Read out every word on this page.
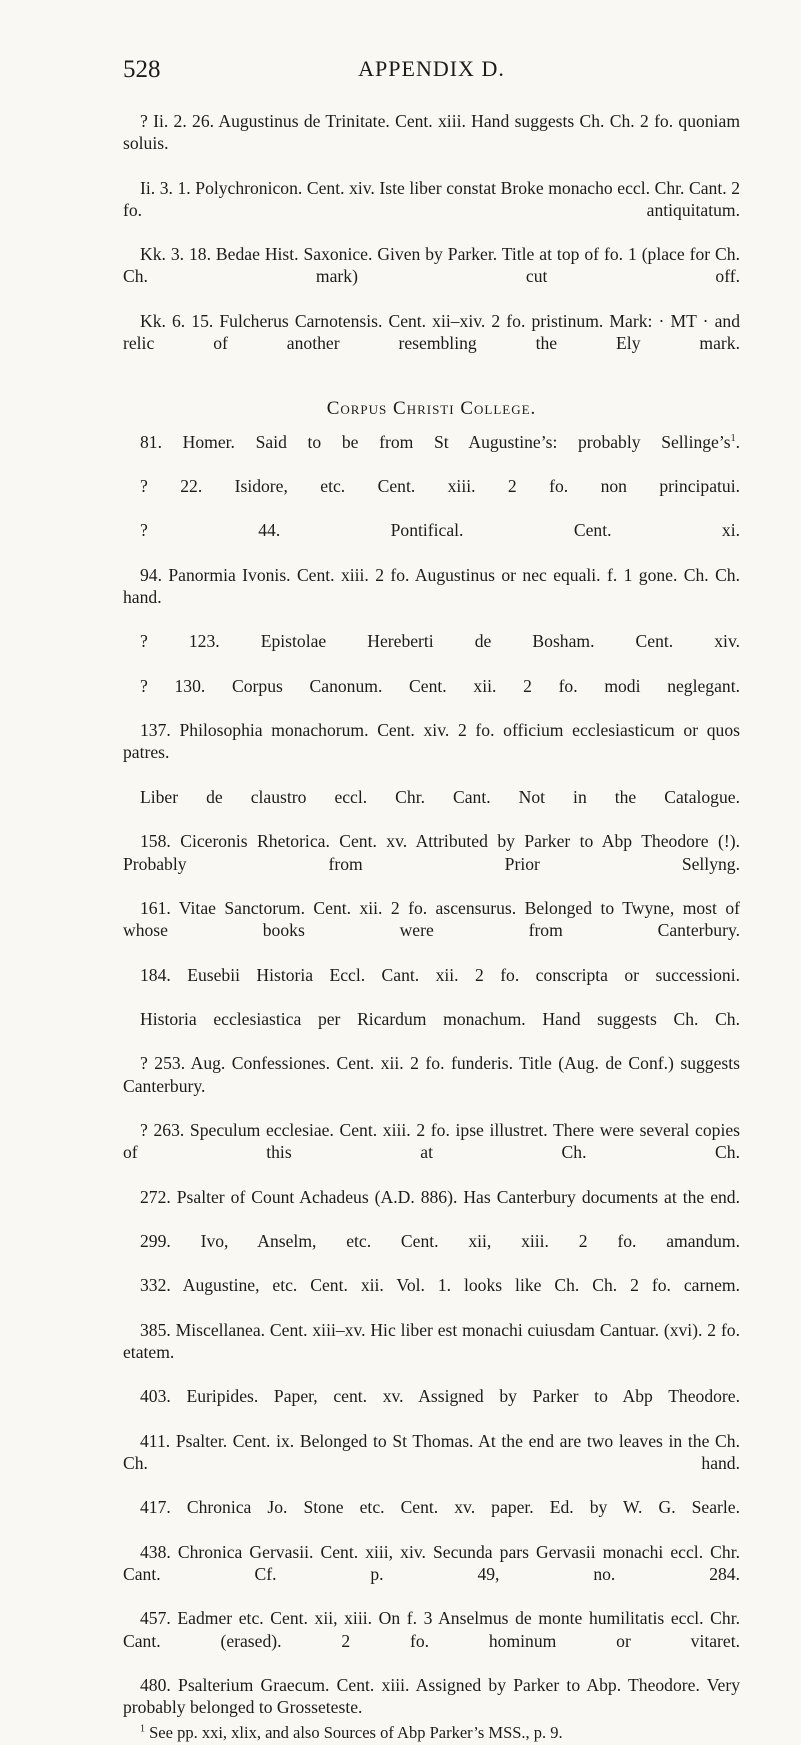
528	APPENDIX D.

? Ii. 2. 26. Augustinus de Trinitate. Cent. xiii. Hand suggests Ch. Ch. 2 fo. quoniam soluis.

Ii. 3. 1. Polychronicon. Cent. xiv. Iste liber constat Broke monacho eccl. Chr. Cant. 2 fo. antiquitatum.

Kk. 3. 18. Bedae Hist. Saxonice. Given by Parker. Title at top of fo. 1 (place for Ch. Ch. mark) cut off.

Kk. 6. 15. Fulcherus Carnotensis. Cent. xii–xiv. 2 fo. pristinum. Mark: · MT · and relic of another resembling the Ely mark.

Corpus Christi College.

81. Homer. Said to be from St Augustine’s: probably $Sellinge’s^1$.

? 22. Isidore, etc. Cent. xiii. 2 fo. non principatui.

? 44. Pontifical. Cent. xi.

94. Panormia Ivonis. Cent. xiii. 2 fo. Augustinus or nec equali. f. 1 gone. Ch. Ch. hand.

? 123. Epistolae Hereberti de Bosham. Cent. xiv.

? 130. Corpus Canonum. Cent. xii. 2 fo. modi neglegant.

137. Philosophia monachorum. Cent. xiv. 2 fo. officium ecclesiasticum or quos patres.

Liber de claustro eccl. Chr. Cant. Not in the Catalogue.

158. Ciceronis Rhetorica. Cent. xv. Attributed by Parker to Abp Theodore (!). Probably from Prior Sellyng.

161. Vitae Sanctorum. Cent. xii. 2 fo. ascensurus. Belonged to Twyne, most of whose books were from Canterbury.

184. Eusebii Historia Eccl. Cant. xii. 2 fo. conscripta or successioni.

Historia ecclesiastica per Ricardum monachum. Hand suggests Ch. Ch.

? 253. Aug. Confessiones. Cent. xii. 2 fo. funderis. Title (Aug. de Conf.) suggests Canterbury.

? 263. Speculum ecclesiae. Cent. xiii. 2 fo. ipse illustret. There were several copies of this at Ch. Ch.

272. Psalter of Count Achadeus (A.D. 886). Has Canterbury documents at the end.

299. Ivo, Anselm, etc. Cent. xii, xiii. 2 fo. amandum.

332. Augustine, etc. Cent. xii. Vol. 1. looks like Ch. Ch. 2 fo. carnem.

385. Miscellanea. Cent. xiii–xv. Hic liber est monachi cuiusdam Cantuar. (xvi). 2 fo. etatem.

403. Euripides. Paper, cent. xv. Assigned by Parker to Abp Theodore.

411. Psalter. Cent. ix. Belonged to St Thomas. At the end are two leaves in the Ch. Ch. hand.

417. Chronica Jo. Stone etc. Cent. xv. paper. Ed. by W. G. Searle.

438. Chronica Gervasii. Cent. xiii, xiv. Secunda pars Gervasii monachi eccl. Chr. Cant. Cf. p. 49, no. 284.

457. Eadmer etc. Cent. xii, xiii. On f. 3 Anselmus de monte humilitatis eccl. Chr. Cant. (erased). 2 fo. hominum or vitaret.

480. Psalterium Graecum. Cent. xiii. Assigned by Parker to Abp. Theodore. Very probably belonged to Grosseteste.

$^1$ See pp. xxi, xlix, and also Sources of Abp Parker’s MSS., p. 9.
